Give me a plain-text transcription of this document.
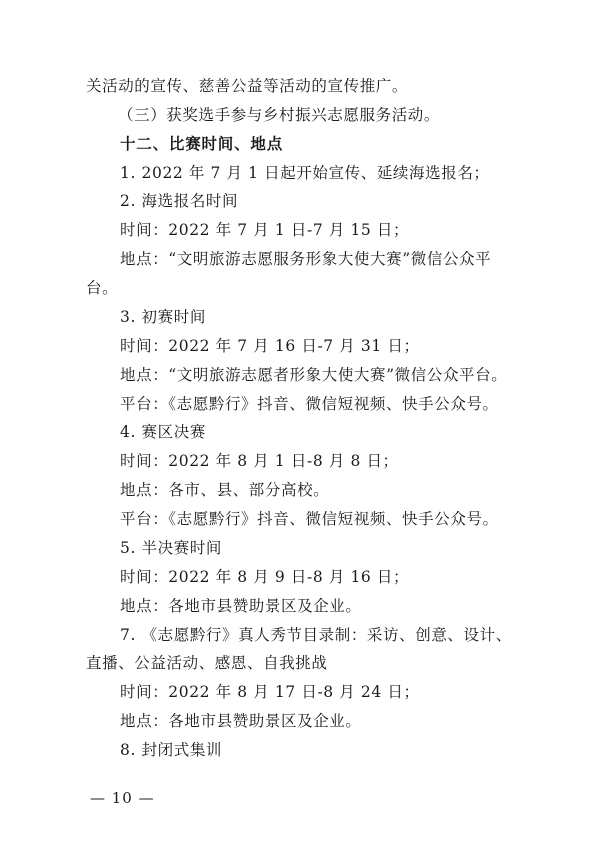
关活动的宣传、慈善公益等活动的宣传推广。
（三）获奖选手参与乡村振兴志愿服务活动。
十二、比赛时间、地点
1. 2022 年 7 月 1 日起开始宣传、延续海选报名；
2. 海选报名时间
时间：2022 年 7 月 1 日-7 月 15 日；
地点：“文明旅游志愿服务形象大使大赛”微信公众平
台。
3. 初赛时间
时间：2022 年 7 月 16 日-7 月 31 日；
地点：“文明旅游志愿者形象大使大赛”微信公众平台。
平台：《志愿黔行》抖音、微信短视频、快手公众号。
4. 赛区决赛
时间：2022 年 8 月 1 日-8 月 8 日；
地点：各市、县、部分高校。
平台：《志愿黔行》抖音、微信短视频、快手公众号。
5. 半决赛时间
时间：2022 年 8 月 9 日-8 月 16 日；
地点：各地市县赞助景区及企业。
7. 《志愿黔行》真人秀节目录制：采访、创意、设计、
直播、公益活动、感恩、自我挑战
时间：2022 年 8 月 17 日-8 月 24 日；
地点：各地市县赞助景区及企业。
8. 封闭式集训
— 10 —
